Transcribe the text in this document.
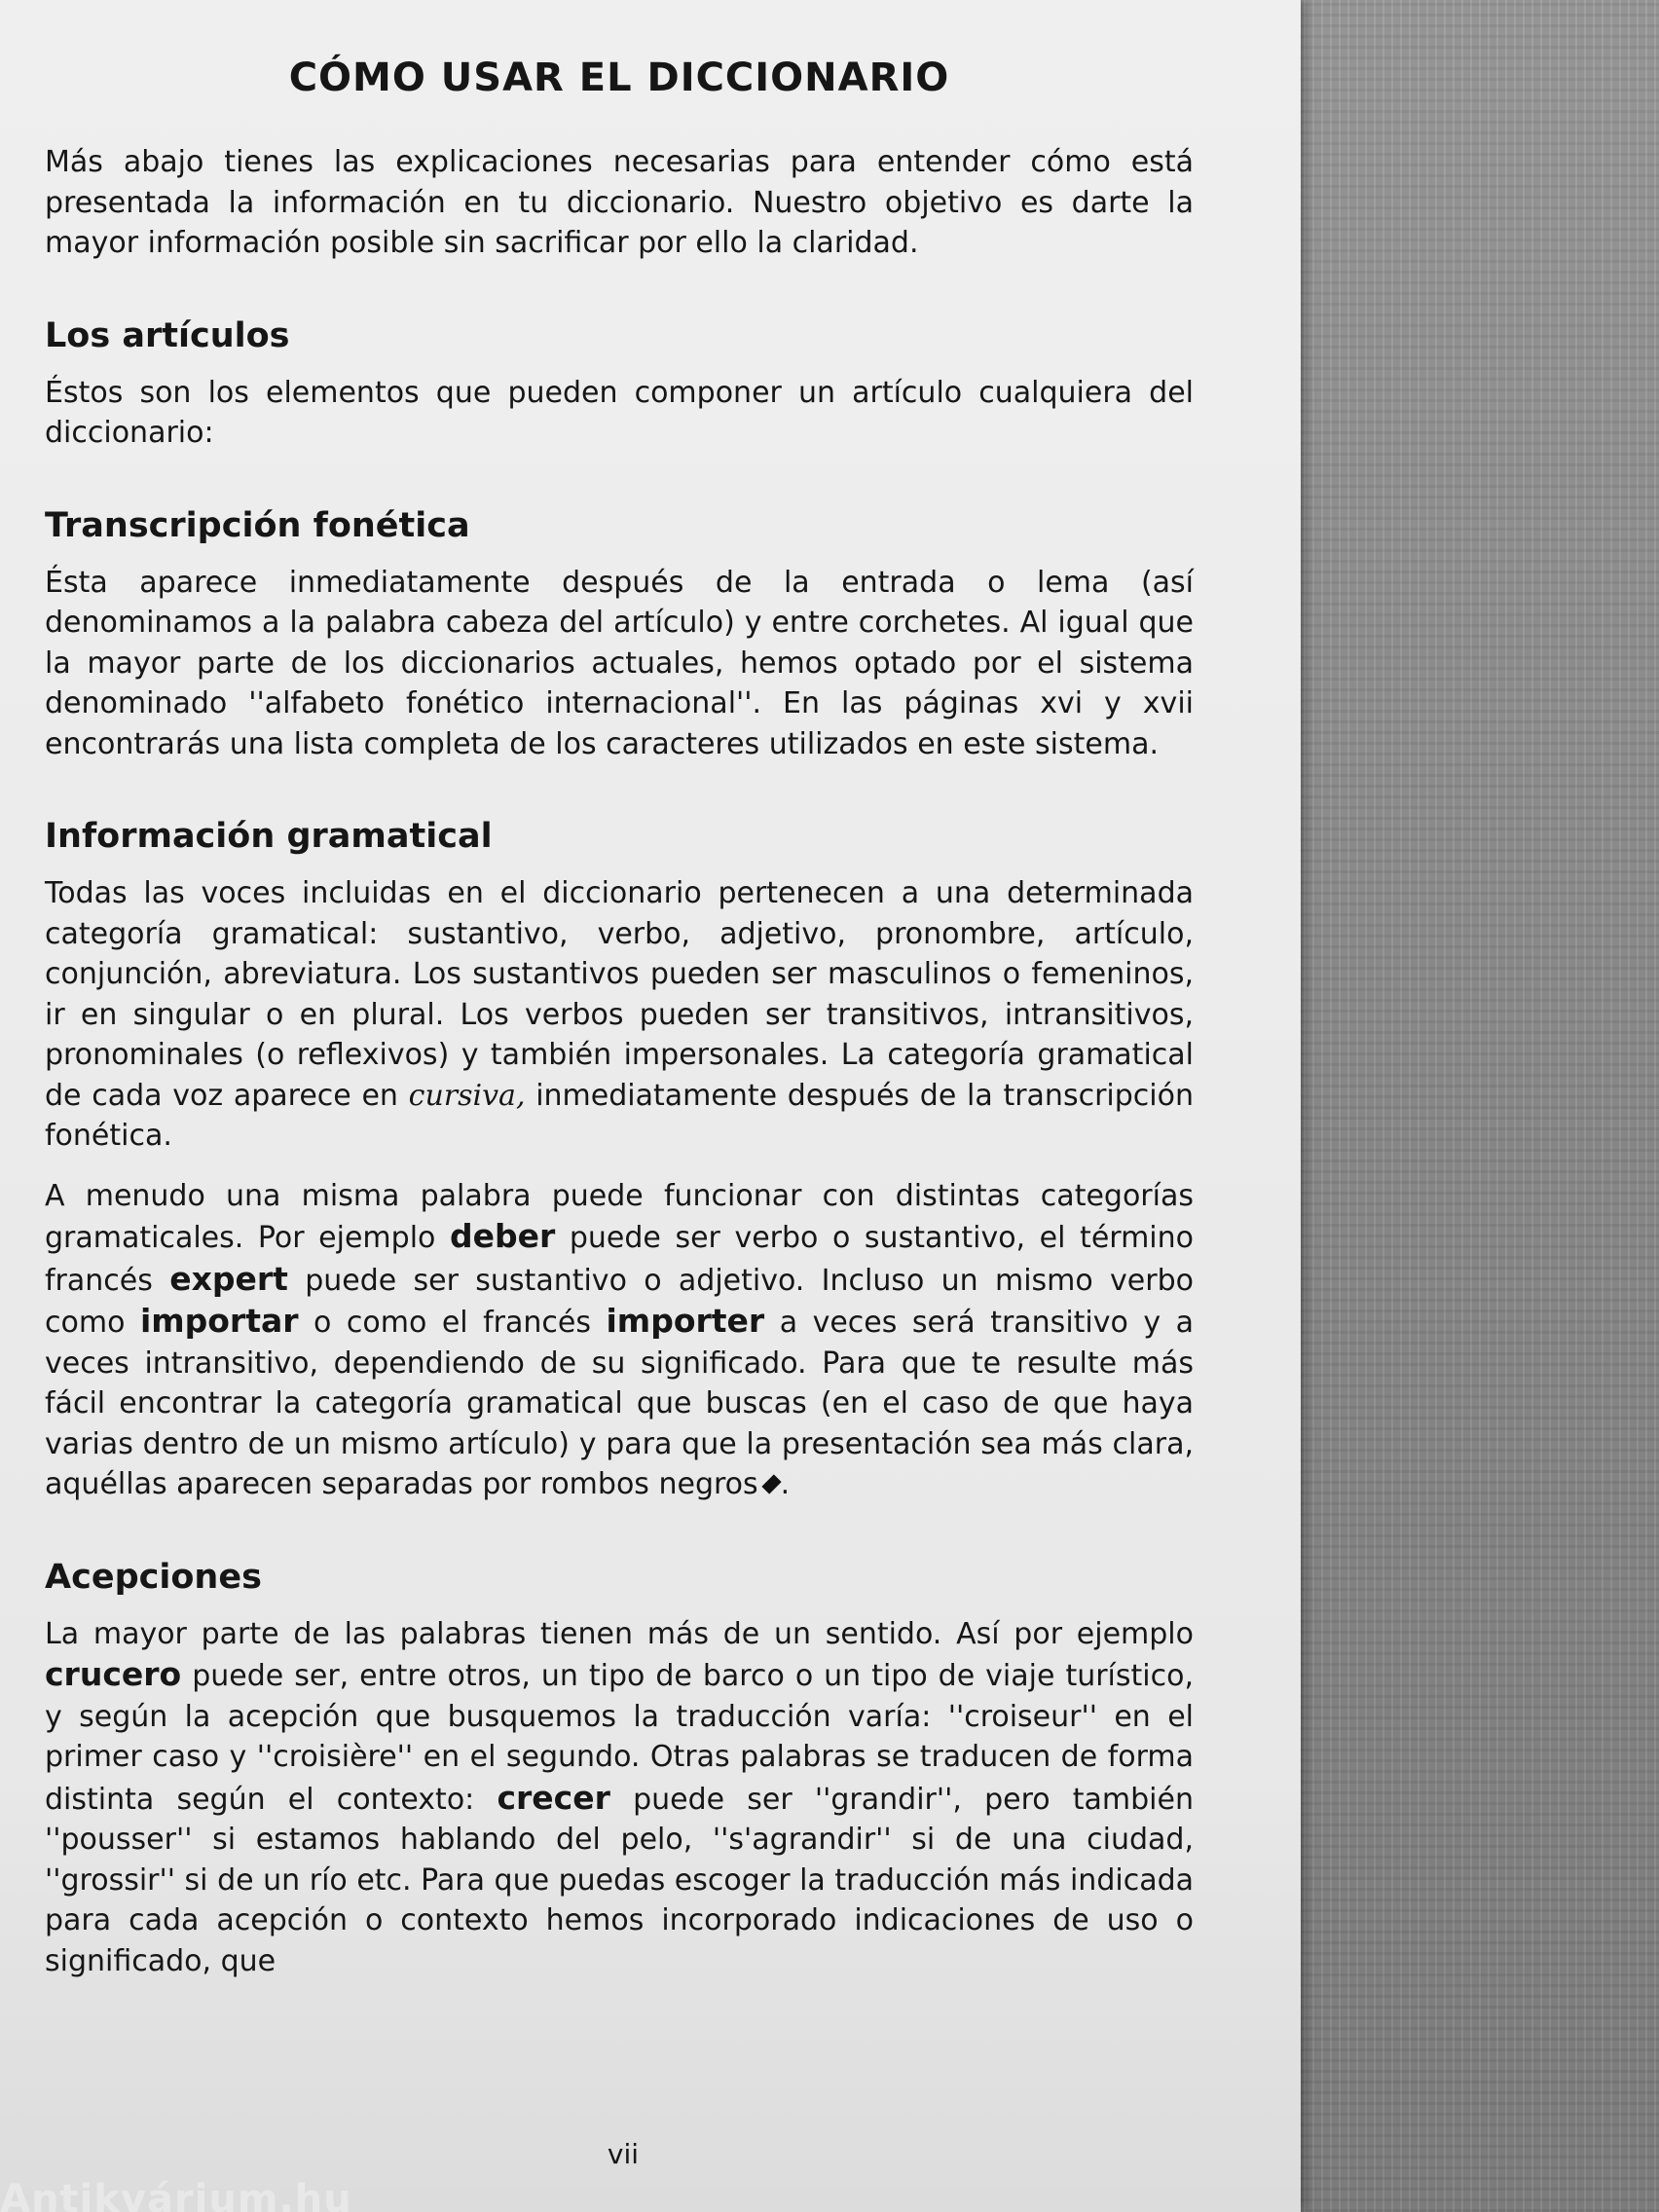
CÓMO USAR EL DICCIONARIO

Más abajo tienes las explicaciones necesarias para entender cómo está presentada la información en tu diccionario. Nuestro objetivo es darte la mayor información posible sin sacrificar por ello la claridad.

Los artículos

Éstos son los elementos que pueden componer un artículo cualquiera del diccionario:

Transcripción fonética

Ésta aparece inmediatamente después de la entrada o lema (así denominamos a la palabra cabeza del artículo) y entre corchetes. Al igual que la mayor parte de los diccionarios actuales, hemos optado por el sistema denominado ''alfabeto fonético internacional''. En las páginas xvi y xvii encontrarás una lista completa de los caracteres utilizados en este sistema.

Información gramatical

Todas las voces incluidas en el diccionario pertenecen a una determinada categoría gramatical: sustantivo, verbo, adjetivo, pronombre, artículo, conjunción, abreviatura. Los sustantivos pueden ser masculinos o femeninos, ir en singular o en plural. Los verbos pueden ser transitivos, intransitivos, pronominales (o reflexivos) y también impersonales. La categoría gramatical de cada voz aparece en cursiva, inmediatamente después de la transcripción fonética.

A menudo una misma palabra puede funcionar con distintas categorías gramaticales. Por ejemplo deber puede ser verbo o sustantivo, el término francés expert puede ser sustantivo o adjetivo. Incluso un mismo verbo como importar o como el francés importer a veces será transitivo y a veces intransitivo, dependiendo de su significado. Para que te resulte más fácil encontrar la categoría gramatical que buscas (en el caso de que haya varias dentro de un mismo artículo) y para que la presentación sea más clara, aquéllas aparecen separadas por rombos negros .

Acepciones

La mayor parte de las palabras tienen más de un sentido. Así por ejemplo crucero puede ser, entre otros, un tipo de barco o un tipo de viaje turístico, y según la acepción que busquemos la traducción varía: ''croiseur'' en el primer caso y ''croisière'' en el segundo. Otras palabras se traducen de forma distinta según el contexto: crecer puede ser ''grandir'', pero también ''pousser'' si estamos hablando del pelo, ''s'agrandir'' si de una ciudad, ''grossir'' si de un río etc. Para que puedas escoger la traducción más indicada para cada acepción o contexto hemos incorporado indicaciones de uso o significado, que

vii
Antikvárium.hu
